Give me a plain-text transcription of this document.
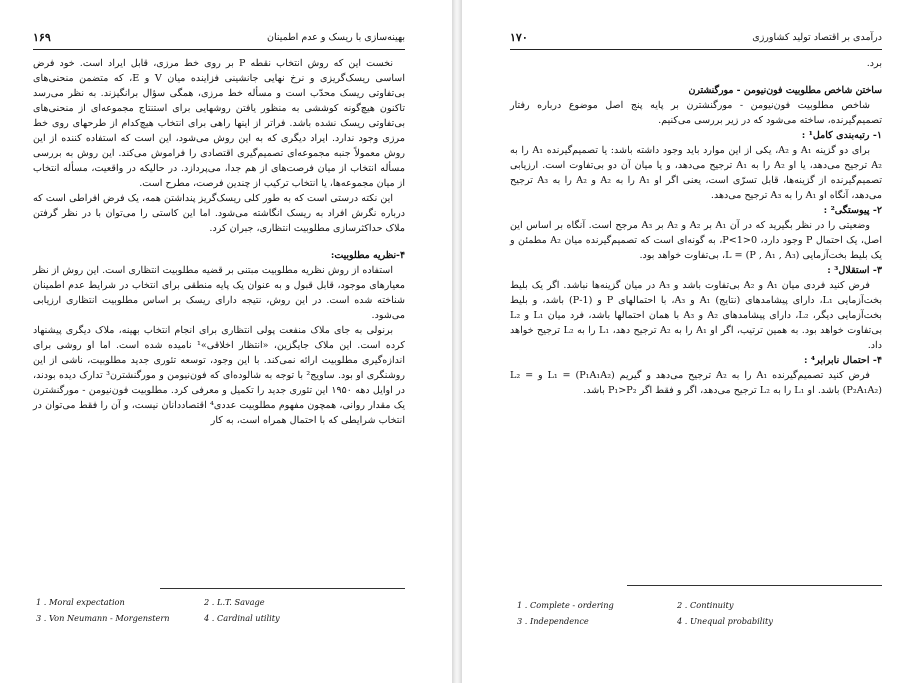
بهینه‌سازی با ریسک و عدم اطمینان
۱۶۹

نخست این که روش انتخاب نقطه P بر روی خط مرزی، قابل ایراد است. خود فرض اساسی ریسک‌گریزی و نرخ نهایی جانشینی فزاینده میان V و E، که متضمن منحنی‌های بی‌تفاوتی ریسک محدّب است و مسأله خط مرزی، همگی سؤال برانگیزند. به نظر می‌رسد تاکنون هیچ‌گونه کوششی به منظور یافتن روشهایی برای استنتاج مجموعه‌ای از منحنی‌های بی‌تفاوتی ریسک نشده باشد. فراتر از اینها راهی برای انتخاب هیچ‌کدام از طرحهای روی خط مرزی وجود ندارد. ایراد دیگری که به این روش می‌شود، این است که استفاده کننده از این روش معمولاً جنبه مجموعه‌ای تصمیم‌گیری اقتصادی را فراموش می‌کند. این روش به بررسی مسأله انتخاب از میان فرصت‌های از هم جدا، می‌پردازد. در حالیکه در واقعیت، مسأله انتخاب از میان مجموعه‌ها، یا انتخاب ترکیب از چندین فرصت، مطرح است.

این نکته درستی است که به طور کلی ریسک‌گریز پنداشتن همه، یک فرض افراطی است که درباره نگرش افراد به ریسک انگاشته می‌شود. اما این کاستی را می‌توان با در نظر گرفتن ملاک حداکثرسازی مطلوبیت انتظاری، جبران کرد.

۴-نظریه مطلوبیت:

استفاده از روش نظریه مطلوبیت مبتنی بر قضیه مطلوبیت انتظاری است. این روش از نظر معیارهای موجود، قابل قبول و به عنوان یک پایه منطقی برای انتخاب در شرایط عدم اطمینان شناخته شده است. در این روش، نتیجه دارای ریسک بر اساس مطلوبیت انتظاری ارزیابی می‌شود.

برنولی به جای ملاک منفعت پولی انتظاری برای انجام انتخاب بهینه، ملاک دیگری پیشنهاد کرده است. این ملاک جایگزین، «انتظار اخلاقی»¹ نامیده شده است. اما او روشی برای اندازه‌گیری مطلوبیت ارائه نمی‌کند. با این وجود، توسعه تئوری جدید مطلوبیت، ناشی از این روشنگری او بود. ساویج² با توجه به شالوده‌ای که فون‌نیومن و مورگنشترن³ تدارک دیده بودند، در اوایل دهه ۱۹۵۰ این تئوری جدید را تکمیل و معرفی کرد. مطلوبیت فون‌نیومن - مورگنشترن یک مقدار روانی، همچون مفهوم مطلوبیت عددی⁴ اقتصاددانان نیست، و آن را فقط می‌توان در انتخاب شرایطی که با احتمال همراه است، به کار

1 . Moral expectation	2 . L.T. Savage
3 . Von Neumann - Morgenstern	4 . Cardinal utility
درآمدی بر اقتصاد تولید کشاورزی
۱۷۰

برد.

ساختن شاخص مطلوبیت فون‌نیومن - مورگنشترن

شاخص مطلوبیت فون‌نیومن - مورگنشترن بر پایه پنج اصل موضوع درباره رفتار تصمیم‌گیرنده، ساخته می‌شود که در زیر بررسی می‌کنیم.

۱- رتبه‌بندی کامل¹ :

برای دو گزینه A₁ و A₂، یکی از این موارد باید وجود داشته باشد: یا تصمیم‌گیرنده A₁ را به A₂ ترجیح می‌دهد، یا او A₂ را به A₁ ترجیح می‌دهد، و یا میان آن دو بی‌تفاوت است. ارزیابی تصمیم‌گیرنده از گزینه‌ها، قابل تسرّی است، یعنی اگر او A₁ را به A₂ و A₂ را به A₃ ترجیح می‌دهد، آنگاه او A₁ را به A₃ ترجیح می‌دهد.

۲- پیوستگی² :

وضعیتی را در نظر بگیرید که در آن A₁ بر A₂ و A₂ بر A₃ مرجح است. آنگاه بر اساس این اصل، یک احتمال P وجود دارد، 0<P<1، به گونه‌ای است که تصمیم‌گیرنده میان A₂ مطمئن و یک بلیط بخت‌آزمایی L = (P , A₁ , A₃)، بی‌تفاوت خواهد بود.

۳- استقلال³ :

فرض کنید فردی میان A₁ و A₂ بی‌تفاوت باشد و A₃ در میان گزینه‌ها نباشد. اگر یک بلیط بخت‌آزمایی L₁، دارای پیشامدهای (نتایج) A₁ و A₃، با احتمالهای P و (1-P) باشد، و بلیط بخت‌آزمایی دیگر، L₂، دارای پیشامدهای A₂ و A₃ با همان احتمالها باشد، فرد میان L₁ و L₂ بی‌تفاوت خواهد بود. به همین ترتیب، اگر او A₁ را به A₂ ترجیح دهد، L₁ را به L₂ ترجیح خواهد داد.

۴- احتمال نابرابر⁴ :

فرض کنید تصمیم‌گیرنده A₁ را به A₂ ترجیح می‌دهد و گیریم L₁ = (P₁A₁A₂) و L₂ = (P₂A₁A₂) باشد. او L₁ را به L₂ ترجیح می‌دهد، اگر و فقط اگر P₁>P₂ باشد.

1 . Complete - ordering	2 . Continuity
3 . Independence	4 . Unequal probability
